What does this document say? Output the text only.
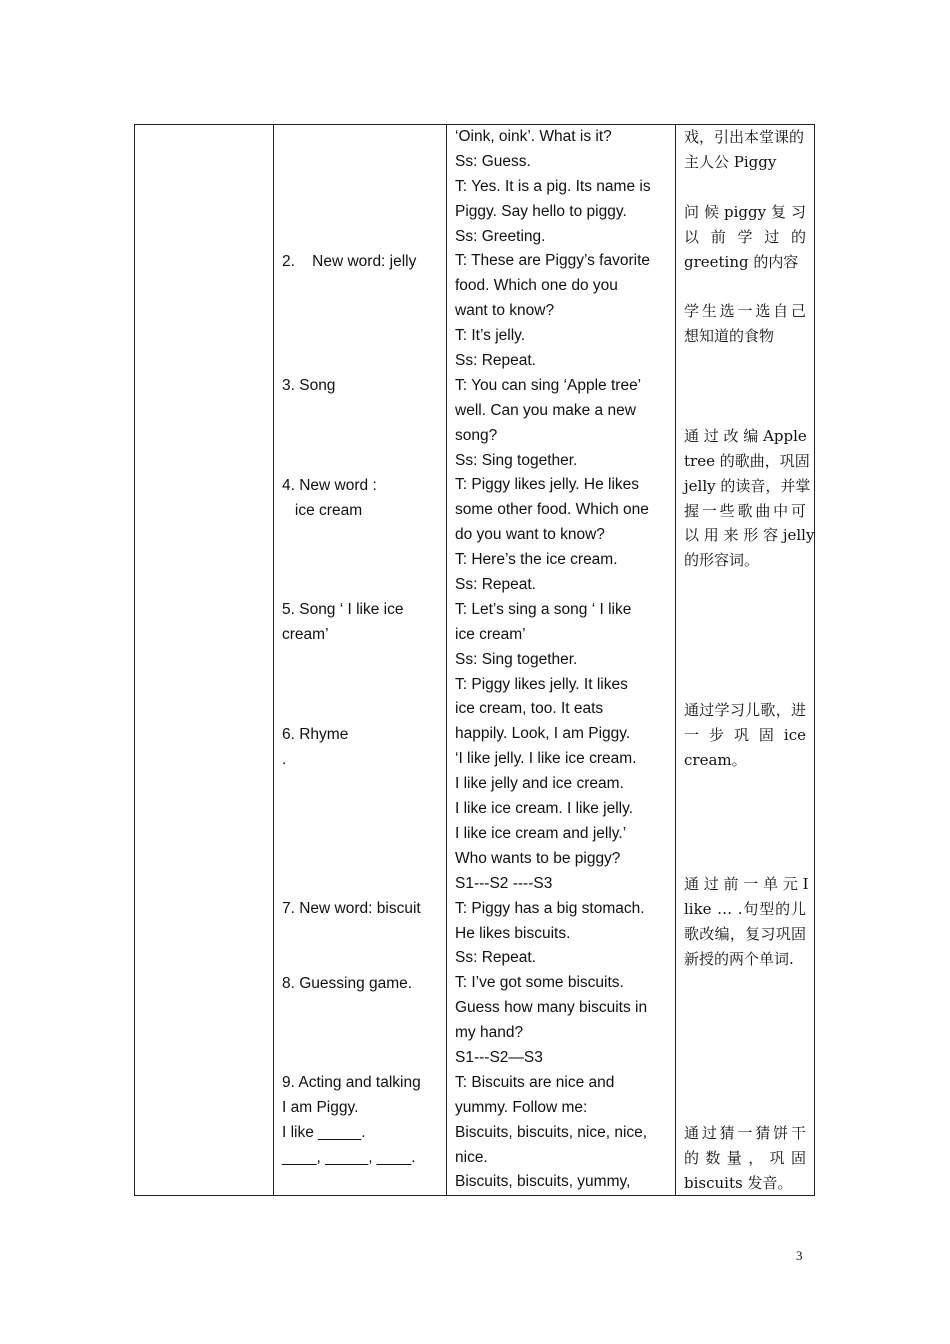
2.    New word: jelly
3. Song
4. New word :
ice cream
5. Song ‘ I like ice
cream’
6. Rhyme
.
7. New word: biscuit
8. Guessing game.
9. Acting and talking
I am Piggy.
I like _____.
____, _____, ____.
‘Oink, oink’. What is it?
Ss: Guess.
T: Yes. It is a pig. Its name is
Piggy. Say hello to piggy.
Ss: Greeting.
T: These are Piggy’s favorite
food. Which one do you
want to know?
T: It’s jelly.
Ss: Repeat.
T: You can sing ‘Apple tree’
well. Can you make a new
song?
Ss: Sing together.
T: Piggy likes jelly. He likes
some other food. Which one
do you want to know?
T: Here’s the ice cream.
Ss: Repeat.
T: Let’s sing a song ‘ I like
ice cream’
Ss: Sing together.
T: Piggy likes jelly. It likes
ice cream, too. It eats
happily. Look, I am Piggy.
‘I like jelly. I like ice cream.
I like jelly and ice cream.
I like ice cream. I like jelly.
I like ice cream and jelly.’
Who wants to be piggy?
S1---S2 ----S3
T: Piggy has a big stomach.
He likes biscuits.
Ss: Repeat.
T: I’ve got some biscuits.
Guess how many biscuits in
my hand?
S1---S2—S3
T: Biscuits are nice and
yummy. Follow me:
Biscuits, biscuits, nice, nice,
nice.
Biscuits, biscuits, yummy,
戏，引出本堂课的
主人公 Piggy
问 候 piggy 复 习
以  前  学  过  的
greeting 的内容
学生选一选自己
想知道的食物
通 过 改 编 Apple
tree 的歌曲，巩固
jelly 的读音，并掌
握一些歌曲中可
以 用 来 形 容 jelly
的形容词。
通过学习儿歌，进
一  步  巩  固  ice
cream。
通 过 前 一 单 元 I
like … .句型的儿
歌改编，复习巩固
新授的两个单词.
通过猜一猜饼干
的 数 量 ， 巩 固
biscuits 发音。
3
